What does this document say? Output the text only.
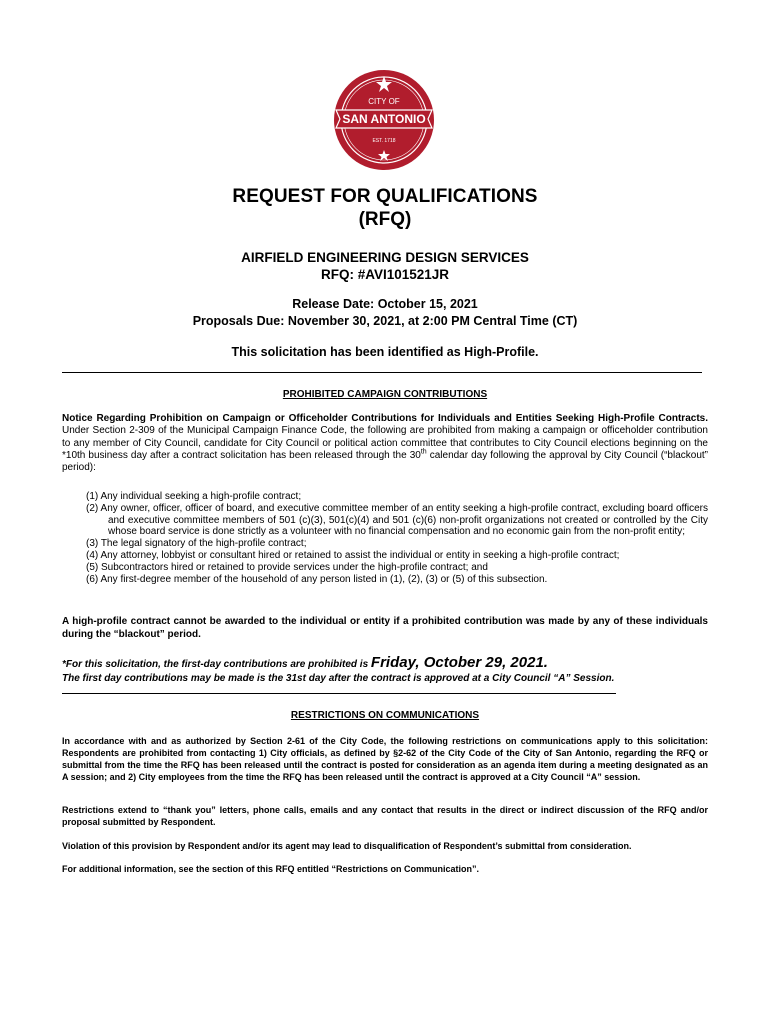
CITY OF
SAN ANTONIO
EST. 1718
REQUEST FOR QUALIFICATIONS
(RFQ)
AIRFIELD ENGINEERING DESIGN SERVICES
RFQ: #AVI101521JR
Release Date: October 15, 2021
Proposals Due: November 30, 2021, at 2:00 PM Central Time (CT)
This solicitation has been identified as High-Profile.
PROHIBITED CAMPAIGN CONTRIBUTIONS
Notice Regarding Prohibition on Campaign or Officeholder Contributions for Individuals and Entities Seeking High-Profile Contracts. Under Section 2-309 of the Municipal Campaign Finance Code, the following are prohibited from making a campaign or officeholder contribution to any member of City Council, candidate for City Council or political action committee that contributes to City Council elections beginning on the *10th business day after a contract solicitation has been released through the 30th calendar day following the approval by City Council (“blackout” period):
(1) Any individual seeking a high-profile contract;
(2) Any owner, officer, officer of board, and executive committee member of an entity seeking a high-profile contract, excluding board officers and executive committee members of 501 (c)(3), 501(c)(4) and 501 (c)(6) non-profit organizations not created or controlled by the City whose board service is done strictly as a volunteer with no financial compensation and no economic gain from the non-profit entity;
(3) The legal signatory of the high-profile contract;
(4) Any attorney, lobbyist or consultant hired or retained to assist the individual or entity in seeking a high-profile contract;
(5) Subcontractors hired or retained to provide services under the high-profile contract; and
(6) Any first-degree member of the household of any person listed in (1), (2), (3) or (5) of this subsection.
A high-profile contract cannot be awarded to the individual or entity if a prohibited contribution was made by any of these individuals during the “blackout” period.
*For this solicitation, the first-day contributions are prohibited is Friday, October 29, 2021.
The first day contributions may be made is the 31st day after the contract is approved at a City Council “A” Session.
RESTRICTIONS ON COMMUNICATIONS
In accordance with and as authorized by Section 2-61 of the City Code, the following restrictions on communications apply to this solicitation: Respondents are prohibited from contacting 1) City officials, as defined by §2-62 of the City Code of the City of San Antonio, regarding the RFQ or submittal from the time the RFQ has been released until the contract is posted for consideration as an agenda item during a meeting designated as an A session; and 2) City employees from the time the RFQ has been released until the contract is approved at a City Council “A” session.
Restrictions extend to “thank you” letters, phone calls, emails and any contact that results in the direct or indirect discussion of the RFQ and/or proposal submitted by Respondent.
Violation of this provision by Respondent and/or its agent may lead to disqualification of Respondent’s submittal from consideration.
For additional information, see the section of this RFQ entitled “Restrictions on Communication”.
